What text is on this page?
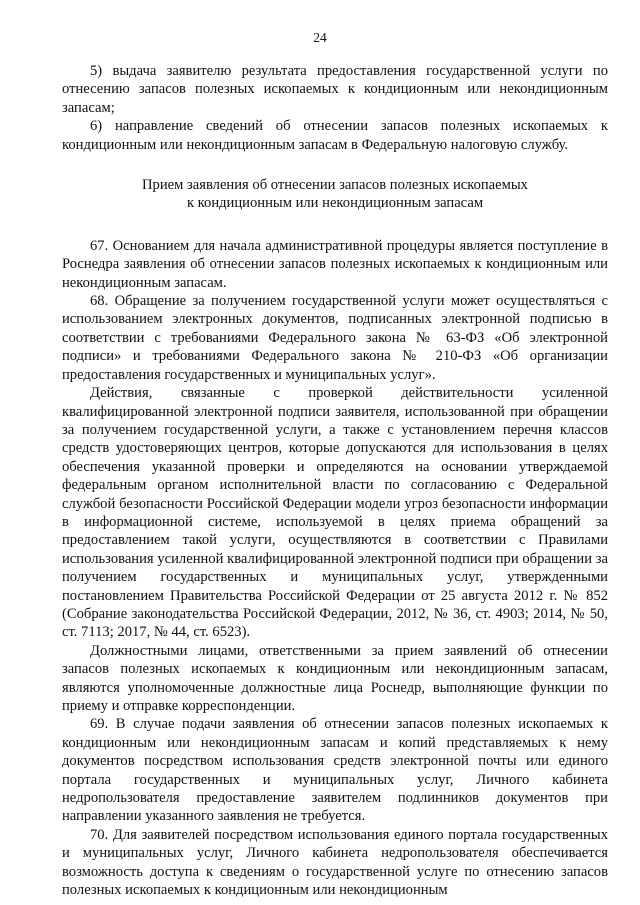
24

5) выдача заявителю результата предоставления государственной услуги по отнесению запасов полезных ископаемых к кондиционным или некондиционным запасам;

6) направление сведений об отнесении запасов полезных ископаемых к кондиционным или некондиционным запасам в Федеральную налоговую службу.

Прием заявления об отнесении запасов полезных ископаемых
к кондиционным или некондиционным запасам

67. Основанием для начала административной процедуры является поступление в Роснедра заявления об отнесении запасов полезных ископаемых к кондиционным или некондиционным запасам.

68. Обращение за получением государственной услуги может осуществляться с использованием электронных документов, подписанных электронной подписью в соответствии с требованиями Федерального закона № 63-ФЗ «Об электронной подписи» и требованиями Федерального закона № 210-ФЗ «Об организации предоставления государственных и муниципальных услуг».

Действия, связанные с проверкой действительности усиленной квалифицированной электронной подписи заявителя, использованной при обращении за получением государственной услуги, а также с установлением перечня классов средств удостоверяющих центров, которые допускаются для использования в целях обеспечения указанной проверки и определяются на основании утверждаемой федеральным органом исполнительной власти по согласованию с Федеральной службой безопасности Российской Федерации модели угроз безопасности информации в информационной системе, используемой в целях приема обращений за предоставлением такой услуги, осуществляются в соответствии с Правилами использования усиленной квалифицированной электронной подписи при обращении за получением государственных и муниципальных услуг, утвержденными постановлением Правительства Российской Федерации от 25 августа 2012 г. № 852 (Собрание законодательства Российской Федерации, 2012, № 36, ст. 4903; 2014, № 50, ст. 7113; 2017, № 44, ст. 6523).

Должностными лицами, ответственными за прием заявлений об отнесении запасов полезных ископаемых к кондиционным или некондиционным запасам, являются уполномоченные должностные лица Роснедр, выполняющие функции по приему и отправке корреспонденции.

69. В случае подачи заявления об отнесении запасов полезных ископаемых к кондиционным или некондиционным запасам и копий представляемых к нему документов посредством использования средств электронной почты или единого портала государственных и муниципальных услуг, Личного кабинета недропользователя предоставление заявителем подлинников документов при направлении указанного заявления не требуется.

70. Для заявителей посредством использования единого портала государственных и муниципальных услуг, Личного кабинета недропользователя обеспечивается возможность доступа к сведениям о государственной услуге по отнесению запасов полезных ископаемых к кондиционным или некондиционным
